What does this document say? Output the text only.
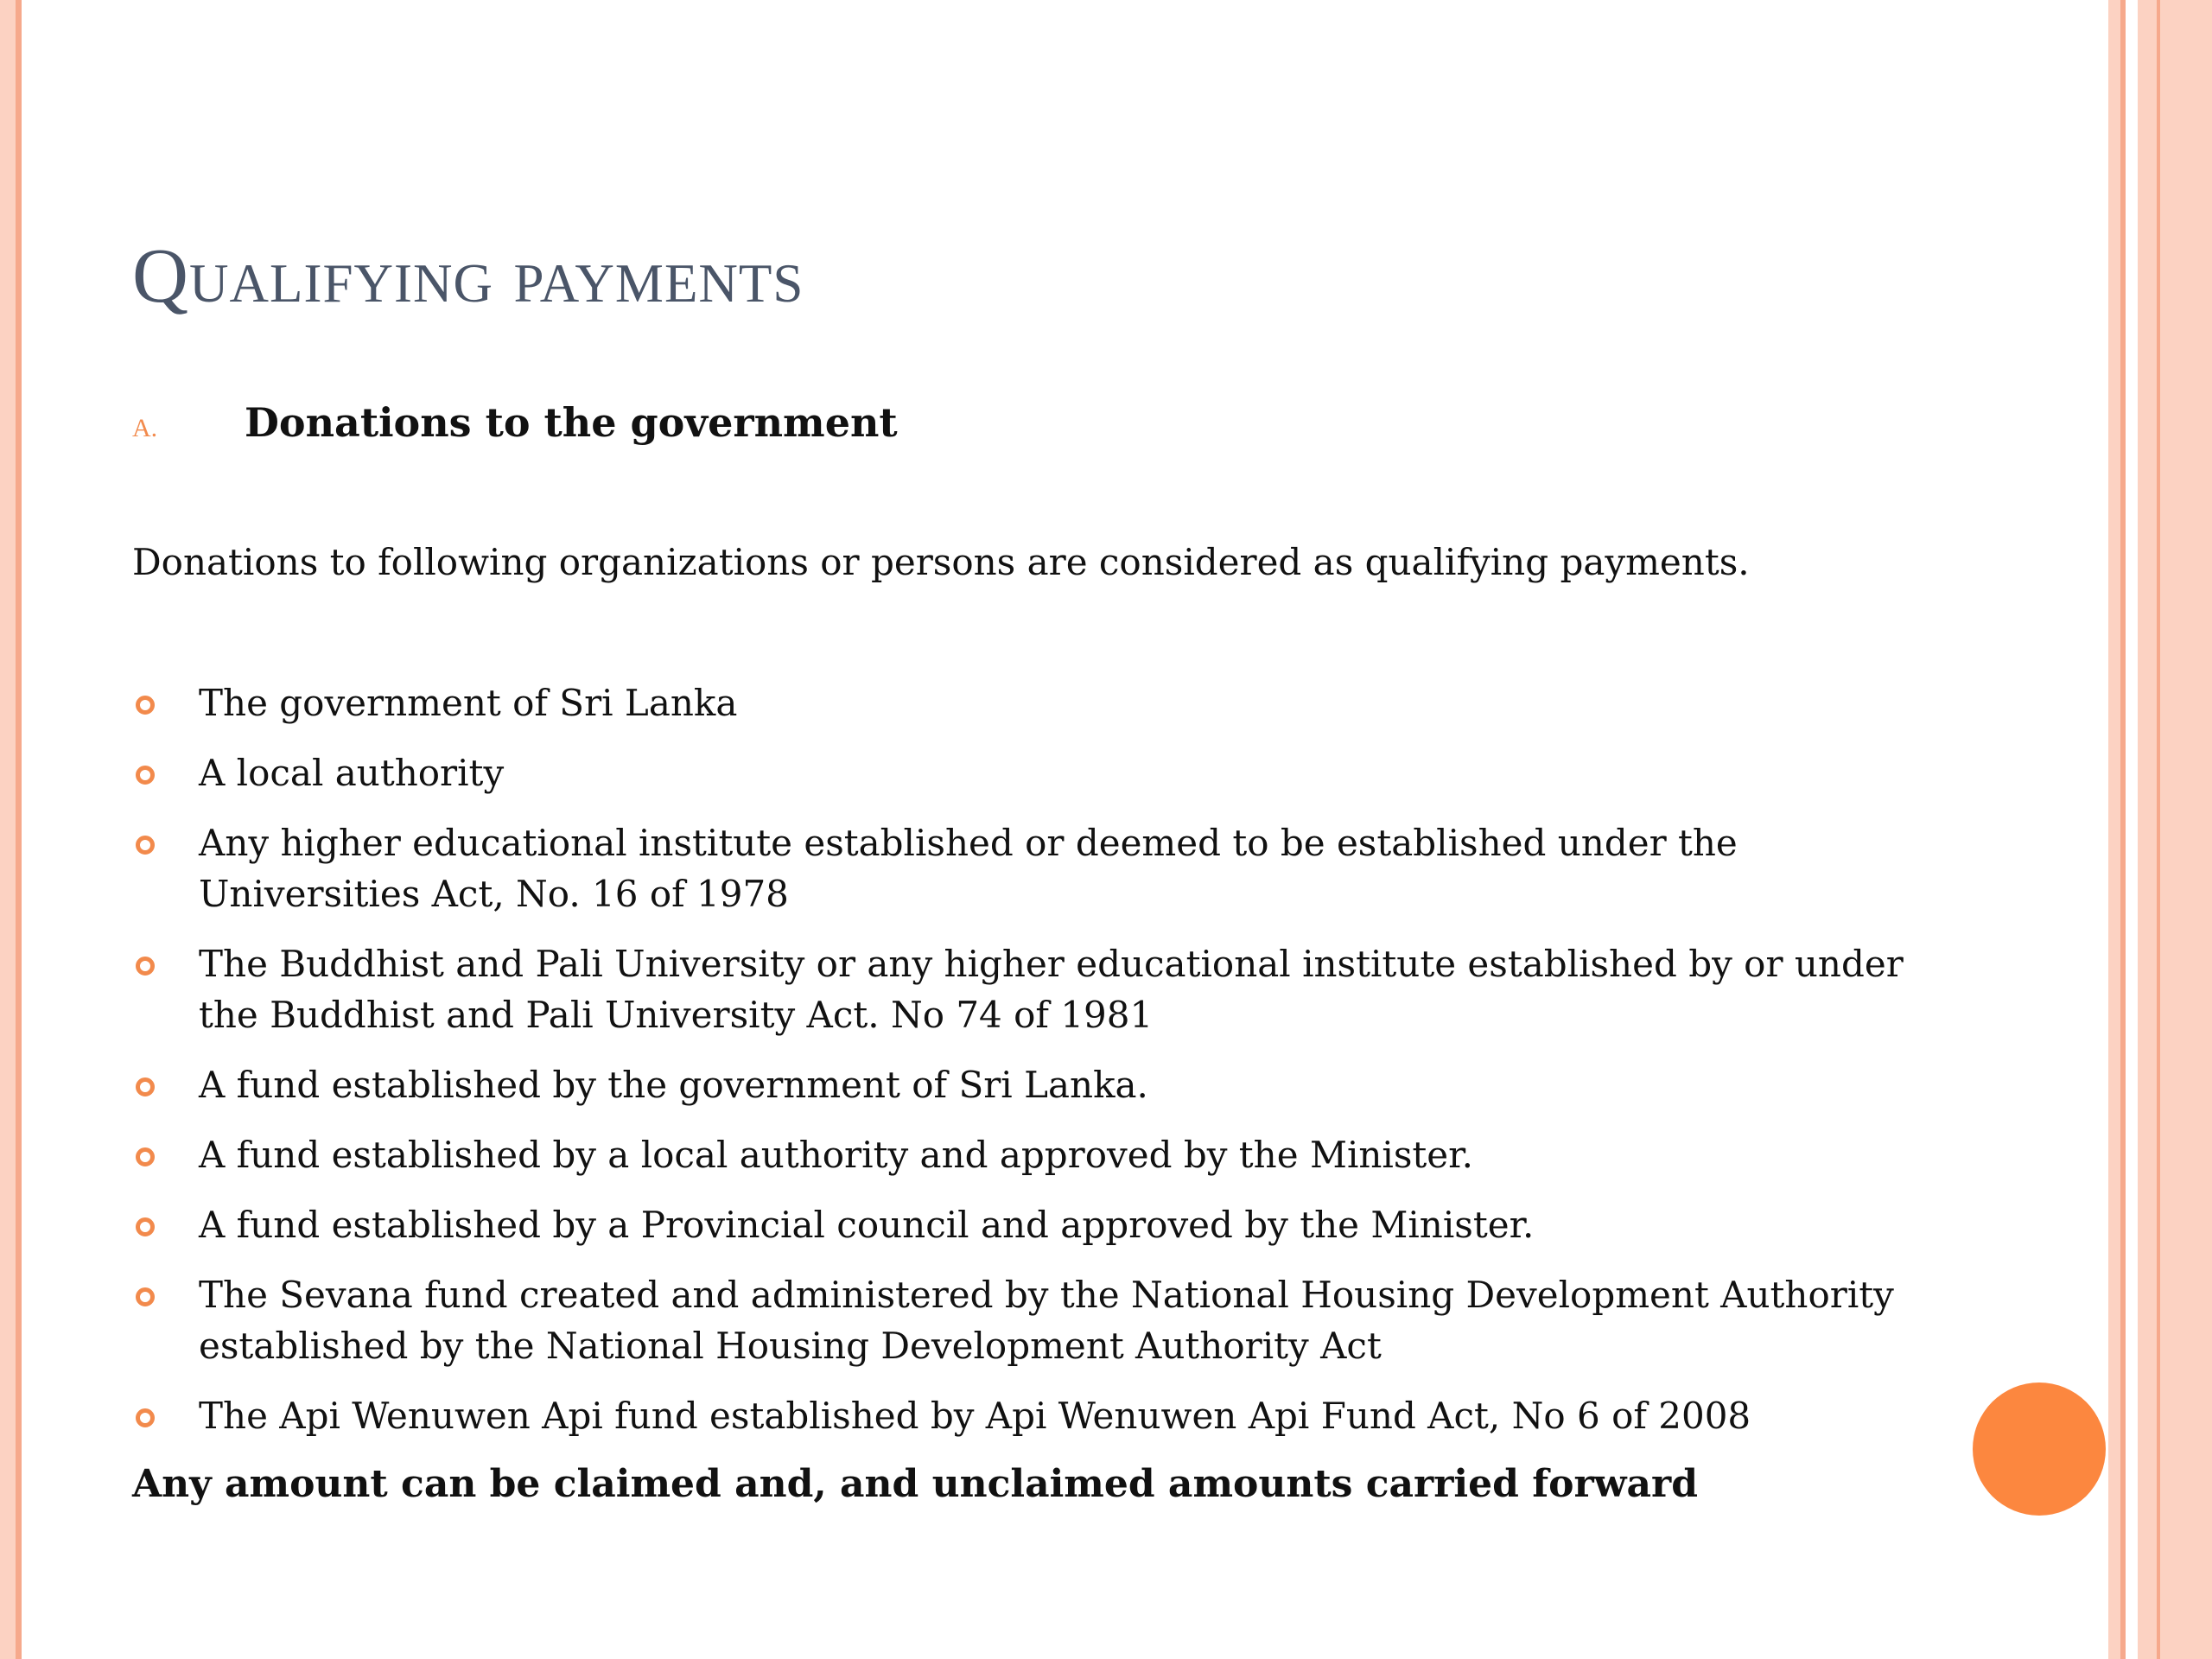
Qualifying payments
A.	Donations to the government
Donations to following organizations or persons are considered as qualifying payments.
The government of Sri Lanka
A local authority
Any higher educational institute established or deemed to be established under the Universities Act, No. 16 of 1978
The Buddhist and Pali University or any higher educational institute established by or under the Buddhist and Pali University Act. No 74 of 1981
A fund established by the government of Sri Lanka.
A fund established by a local authority and approved by the Minister.
A fund established by a Provincial council and approved by the Minister.
The Sevana fund created and administered by the National Housing Development Authority established by the National Housing Development Authority Act
The Api Wenuwen Api fund established by Api Wenuwen Api Fund Act, No 6 of 2008
Any amount can be claimed and, and unclaimed amounts carried forward
